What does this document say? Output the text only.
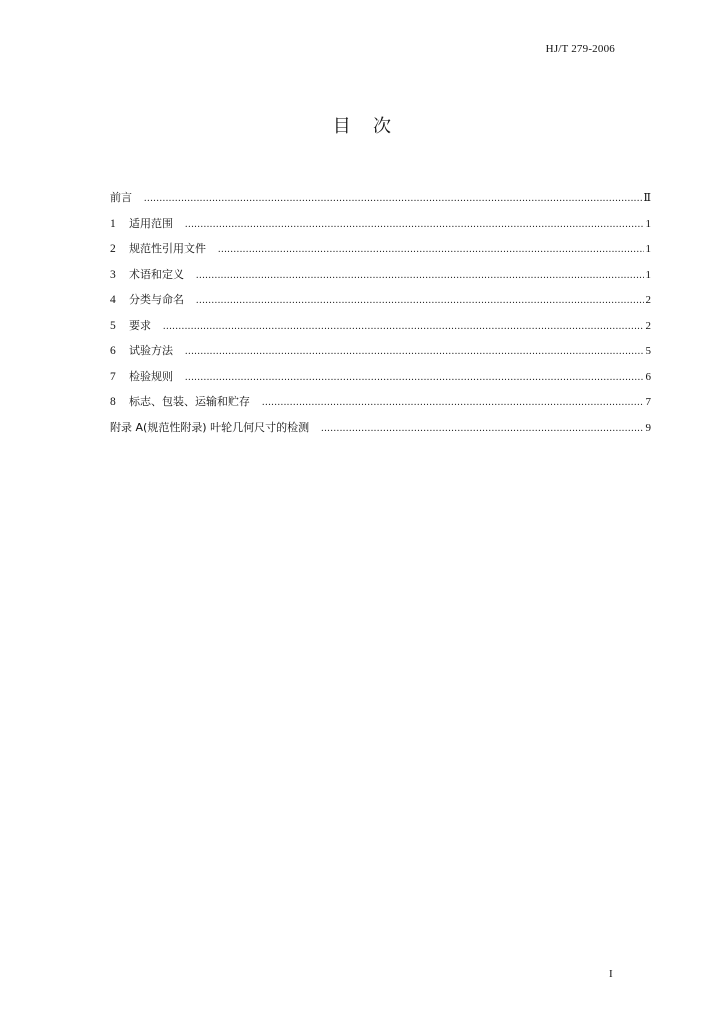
HJ/T 279-2006
目 次
前言 .....	Ⅱ
1	适用范围 .....	1
2	规范性引用文件 .....	1
3	术语和定义 .....	1
4	分类与命名 .....	2
5	要求 .....	2
6	试验方法 .....	5
7	检验规则 .....	6
8	标志、包装、运输和贮存 .....	7
附录 A(规范性附录) 叶轮几何尺寸的检测 .....	9
I
